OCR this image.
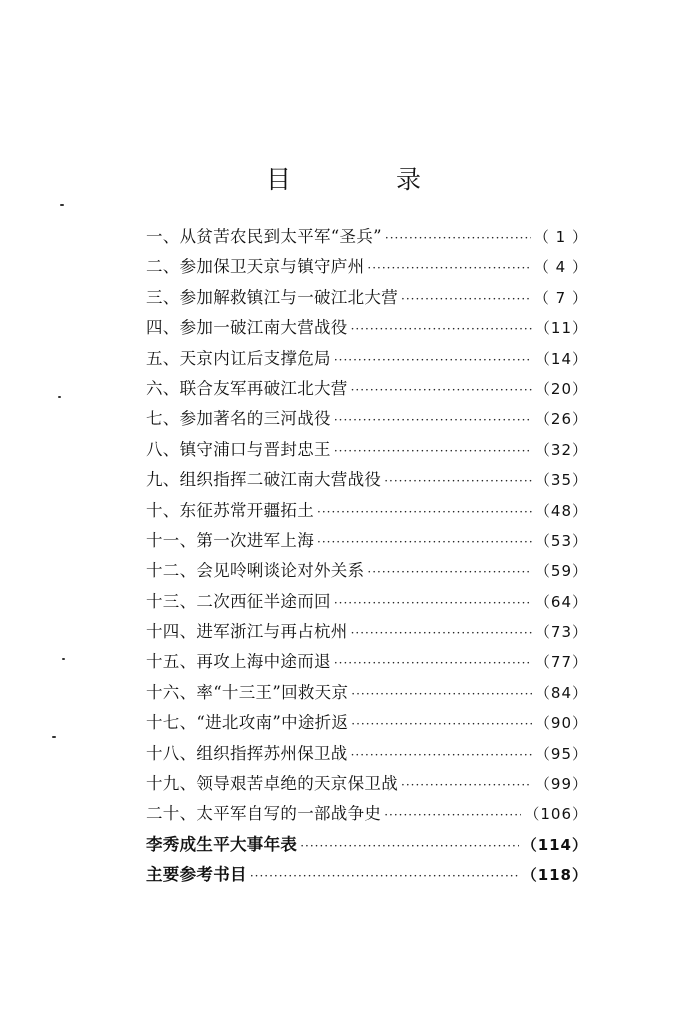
目　录
一、从贫苦农民到太平军“圣兵” ·····	（ 1 ）
二、参加保卫天京与镇守庐州 ·····	（ 4 ）
三、参加解救镇江与一破江北大营 ·····	（ 7 ）
四、参加一破江南大营战役 ·····	（11）
五、天京内讧后支撑危局 ·····	（14）
六、联合友军再破江北大营 ·····	（20）
七、参加著名的三河战役 ·····	（26）
八、镇守浦口与晋封忠王 ·····	（32）
九、组织指挥二破江南大营战役 ·····	（35）
十、东征苏常开疆拓土 ·····	（48）
十一、第一次进军上海 ·····	（53）
十二、会见呤唎谈论对外关系 ·····	（59）
十三、二次西征半途而回 ·····	（64）
十四、进军浙江与再占杭州 ·····	（73）
十五、再攻上海中途而退 ·····	（77）
十六、率“十三王”回救天京 ·····	（84）
十七、“进北攻南”中途折返 ·····	（90）
十八、组织指挥苏州保卫战 ·····	（95）
十九、领导艰苦卓绝的天京保卫战 ·····	（99）
二十、太平军自写的一部战争史 ·····	（106）
李秀成生平大事年表 ·····	（114）
主要参考书目 ·····	（118）
